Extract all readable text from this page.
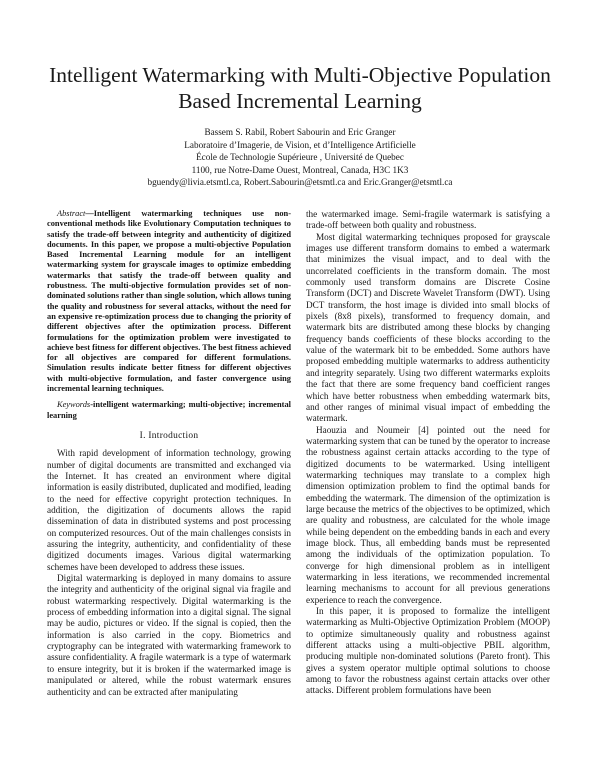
Intelligent Watermarking with Multi-Objective Population Based Incremental Learning
Bassem S. Rabil, Robert Sabourin and Eric Granger
Laboratoire d’Imagerie, de Vision, et d’Intelligence Artificielle
École de Technologie Supérieure , Université de Quebec
1100, rue Notre-Dame Ouest, Montreal, Canada, H3C 1K3
bguendy@livia.etsmtl.ca, Robert.Sabourin@etsmtl.ca and Eric.Granger@etsmtl.ca

Abstract—Intelligent watermarking techniques use non-conventional methods like Evolutionary Computation techniques to satisfy the trade-off between integrity and authenticity of digitized documents. In this paper, we propose a multi-objective Population Based Incremental Learning module for an intelligent watermarking system for grayscale images to optimize embedding watermarks that satisfy the trade-off between quality and robustness. The multi-objective formulation provides set of non-dominated solutions rather than single solution, which allows tuning the quality and robustness for several attacks, without the need for an expensive re-optimization process due to changing the priority of different objectives after the optimization process. Different formulations for the optimization problem were investigated to achieve best fitness for different objectives. The best fitness achieved for all objectives are compared for different formulations. Simulation results indicate better fitness for different objectives with multi-objective formulation, and faster convergence using incremental learning techniques.

Keywords-intelligent watermarking; multi-objective; incremental learning

I. Introduction

With rapid development of information technology, growing number of digital documents are transmitted and exchanged via the Internet. It has created an environment where digital information is easily distributed, duplicated and modified, leading to the need for effective copyright protection techniques. In addition, the digitization of documents allows the rapid dissemination of data in distributed systems and post processing on computerized resources. Out of the main challenges consists in assuring the integrity, authenticity, and confidentiality of these digitized documents images. Various digital watermarking schemes have been developed to address these issues.

Digital watermarking is deployed in many domains to assure the integrity and authenticity of the original signal via fragile and robust watermarking respectively. Digital watermarking is the process of embedding information into a digital signal. The signal may be audio, pictures or video. If the signal is copied, then the information is also carried in the copy. Biometrics and cryptography can be integrated with watermarking framework to assure confidentiality. A fragile watermark is a type of watermark to ensure integrity, but it is broken if the watermarked image is manipulated or altered, while the robust watermark ensures authenticity and can be extracted after manipulating

the watermarked image. Semi-fragile watermark is satisfying a trade-off between both quality and robustness.

Most digital watermarking techniques proposed for grayscale images use different transform domains to embed a watermark that minimizes the visual impact, and to deal with the uncorrelated coefficients in the transform domain. The most commonly used transform domains are Discrete Cosine Transform (DCT) and Discrete Wavelet Transform (DWT). Using DCT transform, the host image is divided into small blocks of pixels (8x8 pixels), transformed to frequency domain, and watermark bits are distributed among these blocks by changing frequency bands coefficients of these blocks according to the value of the watermark bit to be embedded. Some authors have proposed embedding multiple watermarks to address authenticity and integrity separately. Using two different watermarks exploits the fact that there are some frequency band coefficient ranges which have better robustness when embedding watermark bits, and other ranges of minimal visual impact of embedding the watermark.

Haouzia and Noumeir [4] pointed out the need for watermarking system that can be tuned by the operator to increase the robustness against certain attacks according to the type of digitized documents to be watermarked. Using intelligent watermarking techniques may translate to a complex high dimension optimization problem to find the optimal bands for embedding the watermark. The dimension of the optimization is large because the metrics of the objectives to be optimized, which are quality and robustness, are calculated for the whole image while being dependent on the embedding bands in each and every image block. Thus, all embedding bands must be represented among the individuals of the optimization population. To converge for high dimensional problem as in intelligent watermarking in less iterations, we recommended incremental learning mechanisms to account for all previous generations experience to reach the convergence.

In this paper, it is proposed to formalize the intelligent watermarking as Multi-Objective Optimization Problem (MOOP) to optimize simultaneously quality and robustness against different attacks using a multi-objective PBIL algorithm, producing multiple non-dominated solutions (Pareto front). This gives a system operator multiple optimal solutions to choose among to favor the robustness against certain attacks over other attacks. Different problem formulations have been
